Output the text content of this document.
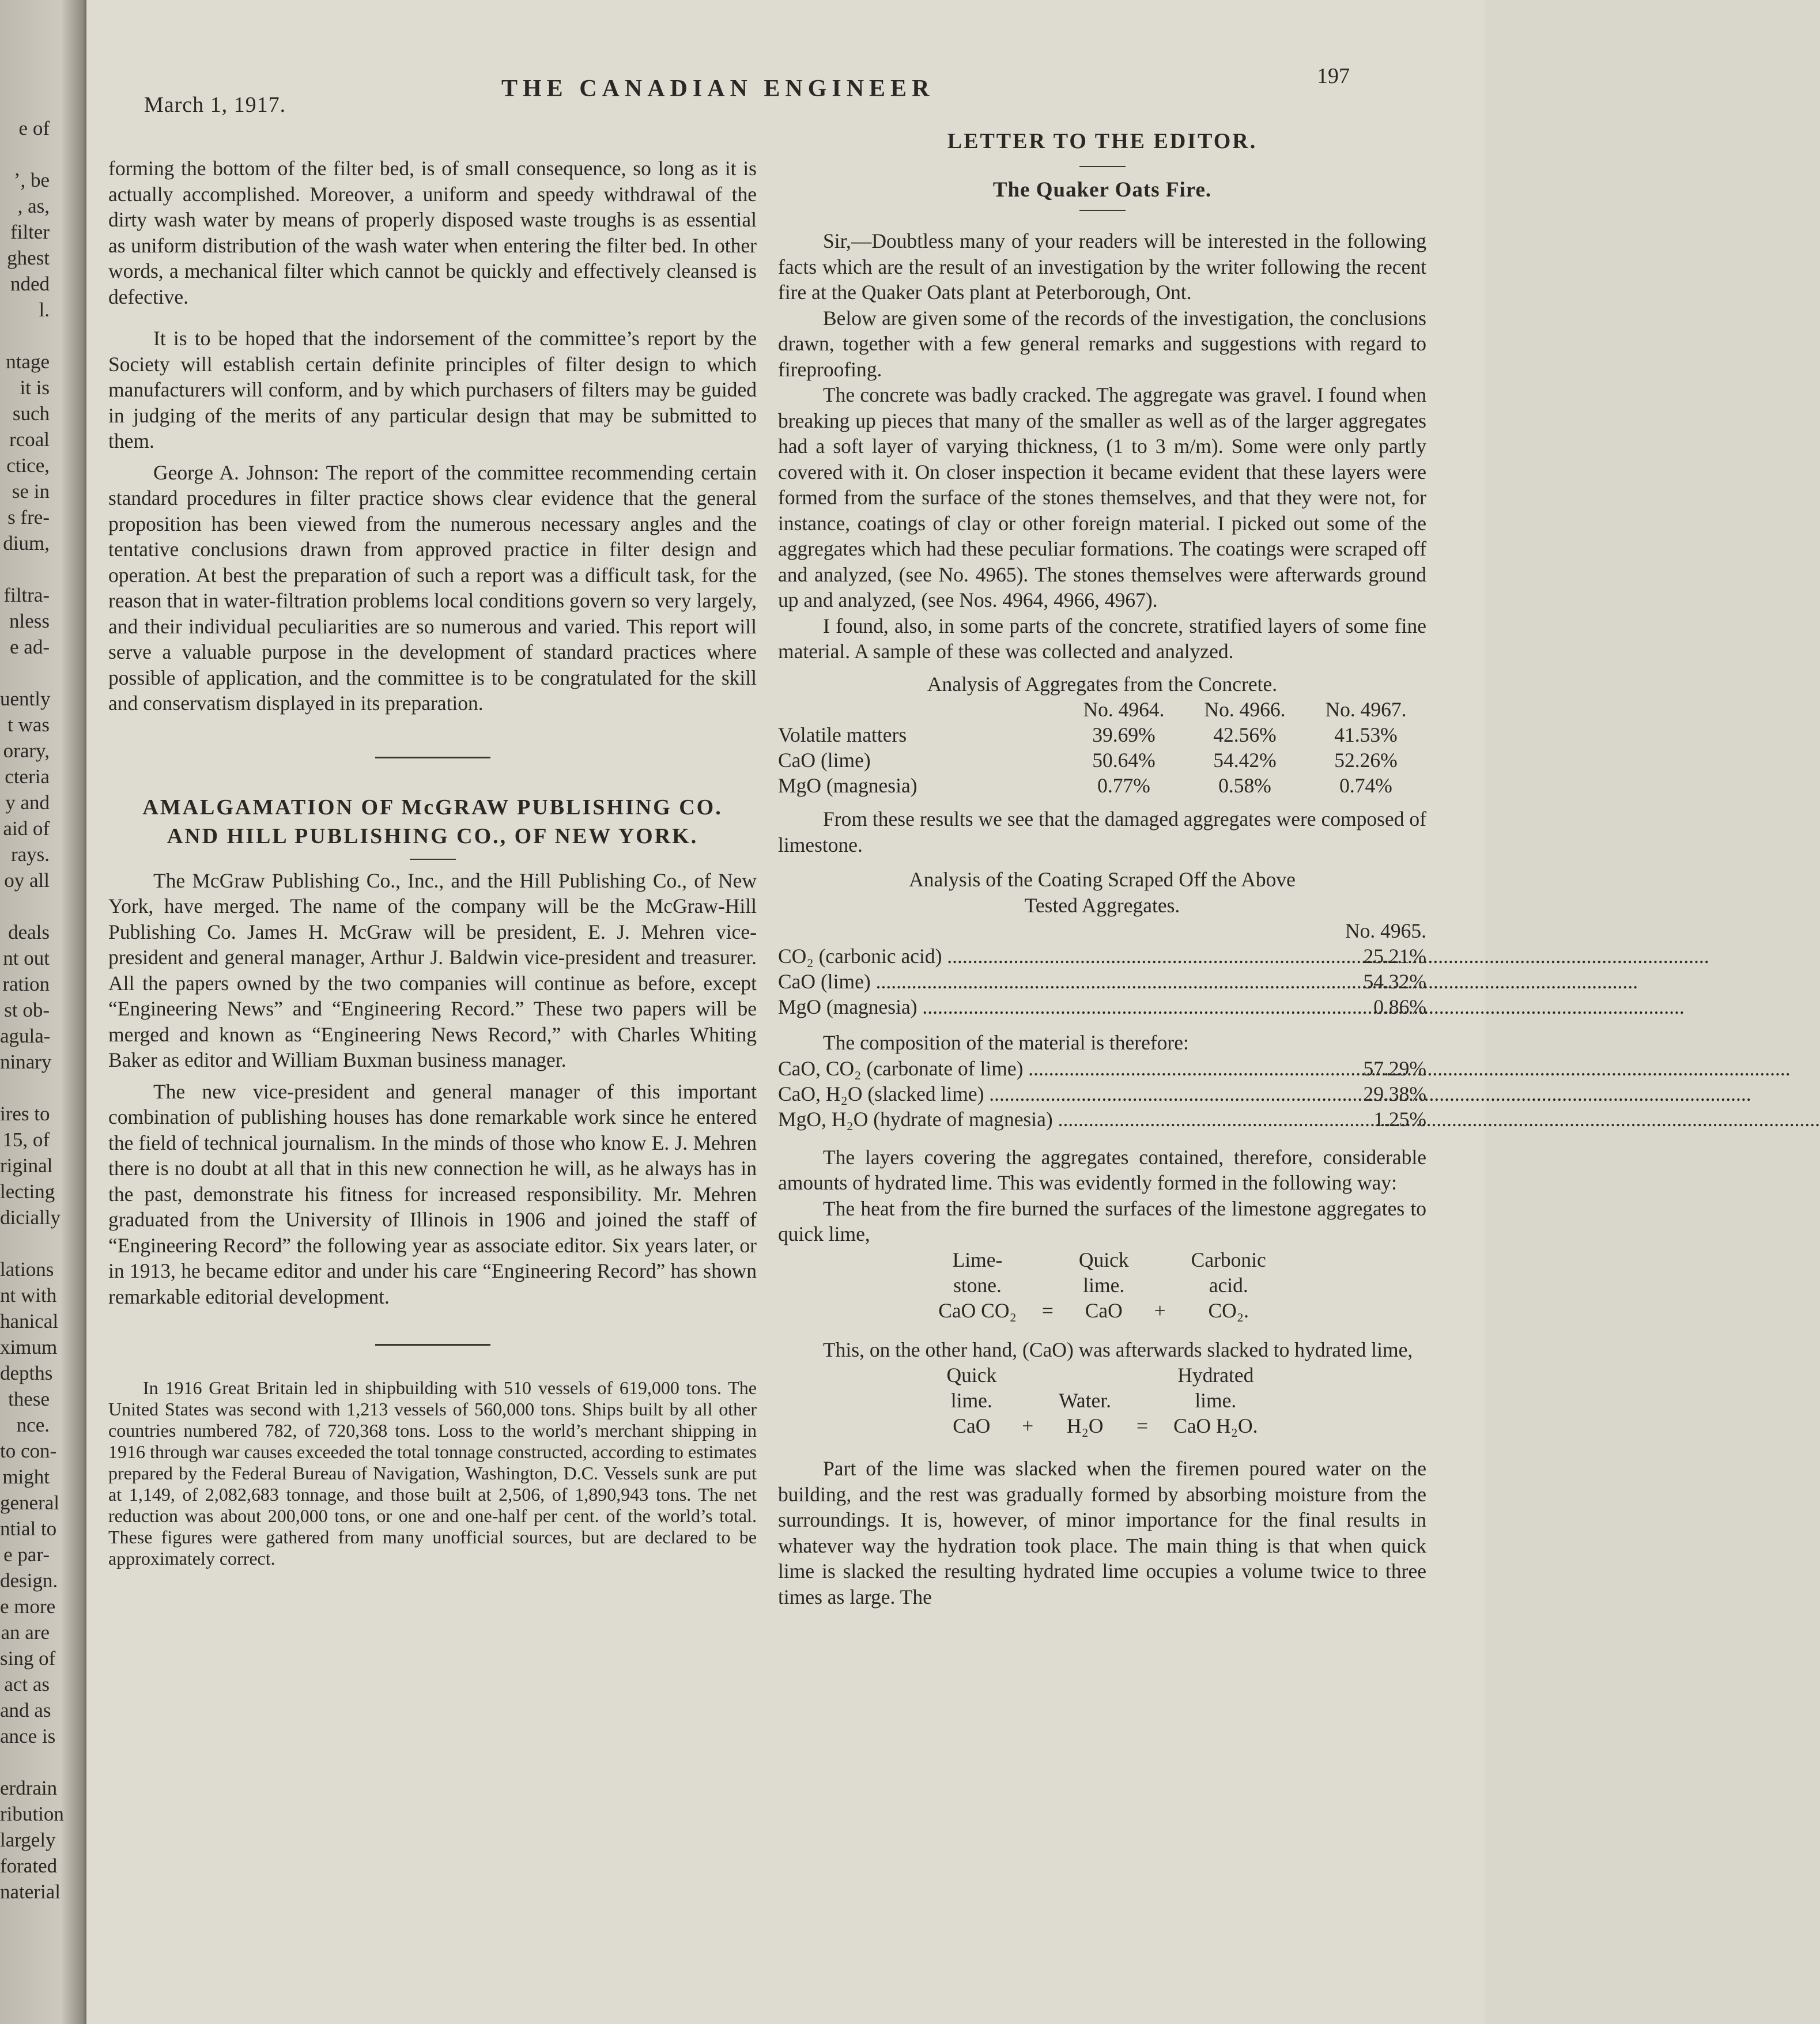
e of
’, be
, as,
filter
ghest
nded
l.
ntage
it is
such
rcoal
ctice,
se in
s fre-
dium,
filtra-
nless
e ad-
uently
t was
orary,
cteria
y and
aid of
rays.
oy all
deals
nt out
ration
st ob-
agula-
ninary
ires to
15, of
riginal
lecting
dicially
lations
nt with
hanical
ximum
depths
these
nce.
to con-
might
general
ntial to
e par-
design.
e more
an are
sing of
act as
and as
ance is
erdrain
ribution
largely
forated
naterial
March 1, 1917.
THE CANADIAN ENGINEER	197

forming the bottom of the filter bed, is of small consequence, so long as it is actually accomplished. Moreover, a uniform and speedy withdrawal of the dirty wash water by means of properly disposed waste troughs is as essential as uniform distribution of the wash water when entering the filter bed. In other words, a mechanical filter which cannot be quickly and effectively cleansed is defective.

It is to be hoped that the indorsement of the committee’s report by the Society will establish certain definite principles of filter design to which manufacturers will conform, and by which purchasers of filters may be guided in judging of the merits of any particular design that may be submitted to them.

George A. Johnson: The report of the committee recommending certain standard procedures in filter practice shows clear evidence that the general proposition has been viewed from the numerous necessary angles and the tentative conclusions drawn from approved practice in filter design and operation. At best the preparation of such a report was a difficult task, for the reason that in water-filtration problems local conditions govern so very largely, and their individual peculiarities are so numerous and varied. This report will serve a valuable purpose in the development of standard practices where possible of application, and the committee is to be congratulated for the skill and conservatism displayed in its preparation.

AMALGAMATION OF McGRAW PUBLISHING CO.
AND HILL PUBLISHING CO., OF NEW YORK.

The McGraw Publishing Co., Inc., and the Hill Publishing Co., of New York, have merged. The name of the company will be the McGraw-Hill Publishing Co. James H. McGraw will be president, E. J. Mehren vice-president and general manager, Arthur J. Baldwin vice-president and treasurer. All the papers owned by the two companies will continue as before, except “Engineering News” and “Engineering Record.” These two papers will be merged and known as “Engineering News Record,” with Charles Whiting Baker as editor and William Buxman business manager.

The new vice-president and general manager of this important combination of publishing houses has done remarkable work since he entered the field of technical journalism. In the minds of those who know E. J. Mehren there is no doubt at all that in this new connection he will, as he always has in the past, demonstrate his fitness for increased responsibility. Mr. Mehren graduated from the University of Illinois in 1906 and joined the staff of “Engineering Record” the following year as associate editor. Six years later, or in 1913, he became editor and under his care “Engineering Record” has shown remarkable editorial development.

In 1916 Great Britain led in shipbuilding with 510 vessels of 619,000 tons. The United States was second with 1,213 vessels of 560,000 tons. Ships built by all other countries numbered 782, of 720,368 tons. Loss to the world’s merchant shipping in 1916 through war causes exceeded the total tonnage constructed, according to estimates prepared by the Federal Bureau of Navigation, Washington, D.C. Vessels sunk are put at 1,149, of 2,082,683 tonnage, and those built at 2,506, of 1,890,943 tons. The net reduction was about 200,000 tons, or one and one-half per cent. of the world’s total. These figures were gathered from many unofficial sources, but are declared to be approximately correct.

LETTER TO THE EDITOR.
The Quaker Oats Fire.

Sir,—Doubtless many of your readers will be interested in the following facts which are the result of an investigation by the writer following the recent fire at the Quaker Oats plant at Peterborough, Ont.

Below are given some of the records of the investigation, the conclusions drawn, together with a few general remarks and suggestions with regard to fireproofing.

The concrete was badly cracked. The aggregate was gravel. I found when breaking up pieces that many of the smaller as well as of the larger aggregates had a soft layer of varying thickness, (1 to 3 m/m). Some were only partly covered with it. On closer inspection it became evident that these layers were formed from the surface of the stones themselves, and that they were not, for instance, coatings of clay or other foreign material. I picked out some of the aggregates which had these peculiar formations. The coatings were scraped off and analyzed, (see No. 4965). The stones themselves were afterwards ground up and analyzed, (see Nos. 4964, 4966, 4967).

I found, also, in some parts of the concrete, stratified layers of some fine material. A sample of these was collected and analyzed.

Analysis of Aggregates from the Concrete.
	No. 4964.	No. 4966.	No. 4967.
Volatile matters	39.69%	42.56%	41.53%
CaO (lime)	50.64%	54.42%	52.26%
MgO (magnesia)	0.77%	0.58%	0.74%

From these results we see that the damaged aggregates were composed of limestone.

Analysis of the Coating Scraped Off the Above
Tested Aggregates.
	No. 4965.
CO₂ (carbonic acid) .....	25.21%
CaO (lime) .....	54.32%
MgO (magnesia) .....	0.86%

The composition of the material is therefore:

CaO, CO₂ (carbonate of lime) .....	57.29%
CaO, H₂O (slacked lime) .....	29.38%
MgO, H₂O (hydrate of magnesia) .....	1.25%

The layers covering the aggregates contained, therefore, considerable amounts of hydrated lime. This was evidently formed in the following way:

The heat from the fire burned the surfaces of the limestone aggregates to quick lime,

Lime-		Quick		Carbonic
stone.		lime.		acid.
CaO CO₂	=	CaO	+	CO₂.

This, on the other hand, (CaO) was afterwards slacked to hydrated lime,

Quick				Hydrated
lime.		Water.		lime.
CaO	+	H₂O	=	CaO H₂O.

Part of the lime was slacked when the firemen poured water on the building, and the rest was gradually formed by absorbing moisture from the surroundings. It is, however, of minor importance for the final results in whatever way the hydration took place. The main thing is that when quick lime is slacked the resulting hydrated lime occupies a volume twice to three times as large. The
